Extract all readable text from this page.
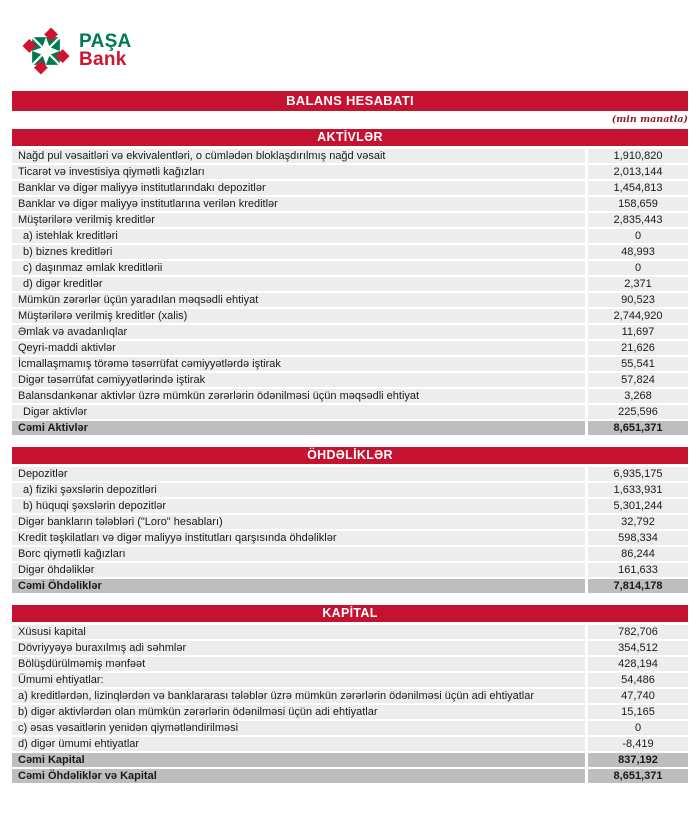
PAŞA
Bank
BALANS HESABATI
(min manatla)
AKTİVLƏR
Nağd pul vəsaitləri və ekvivalentləri, o cümlədən bloklaşdırılmış nağd vəsait	1,910,820
Ticarət və investisiya qiymətli kağızları	2,013,144
Banklar və digər maliyyə institutlarındakı depozitlər	1,454,813
Banklar və digər maliyyə institutlarına verilən kreditlər	158,659
Müştərilərə verilmiş kreditlər	2,835,443
a) istehlak kreditləri	0
b) biznes kreditləri	48,993
c) daşınmaz əmlak kreditlərii	0
d) digər kreditlər	2,371
Mümkün zərərlər üçün yaradılan məqsədli ehtiyat	90,523
Müştərilərə verilmiş kreditlər (xalis)	2,744,920
Əmlak və avadanlıqlar	11,697
Qeyri-maddi aktivlər	21,626
İcmallaşmamış törəmə təsərrüfat cəmiyyətlərdə iştirak	55,541
Digər təsərrüfat cəmiyyətlərində iştirak	57,824
Balansdankənar aktivlər üzrə mümkün zərərlərin ödənilməsi üçün məqsədli ehtiyat	3,268
Digər aktivlər	225,596
Cəmi Aktivlər	8,651,371
ÖHDƏLİKLƏR
Depozitlər	6,935,175
a) fiziki şəxslərin depozitləri	1,633,931
b) hüquqi şəxslərin depozitlər	5,301,244
Digər bankların tələbləri ("Loro" hesabları)	32,792
Kredit təşkilatları və digər maliyyə institutları qarşısında öhdəliklər	598,334
Borc qiymətli kağızları	86,244
Digər öhdəliklər	161,633
Cəmi Öhdəliklər	7,814,178
KAPİTAL
Xüsusi kapital	782,706
Dövriyyəyə buraxılmış adi səhmlər	354,512
Bölüşdürülməmiş mənfəət	428,194
Ümumi ehtiyatlar:	54,486
a) kreditlərdən, lizinqlərdən və banklararası tələblər üzrə mümkün zərərlərin ödənilməsi üçün adi ehtiyatlar	47,740
b) digər aktivlərdən olan mümkün zərərlərin ödənilməsi üçün adi ehtiyatlar	15,165
c) əsas vəsaitlərin yenidən qiymətləndirilməsi	0
d) digər ümumi ehtiyatlar	-8,419
Cəmi Kapital	837,192
Cəmi Öhdəliklər və Kapital	8,651,371
